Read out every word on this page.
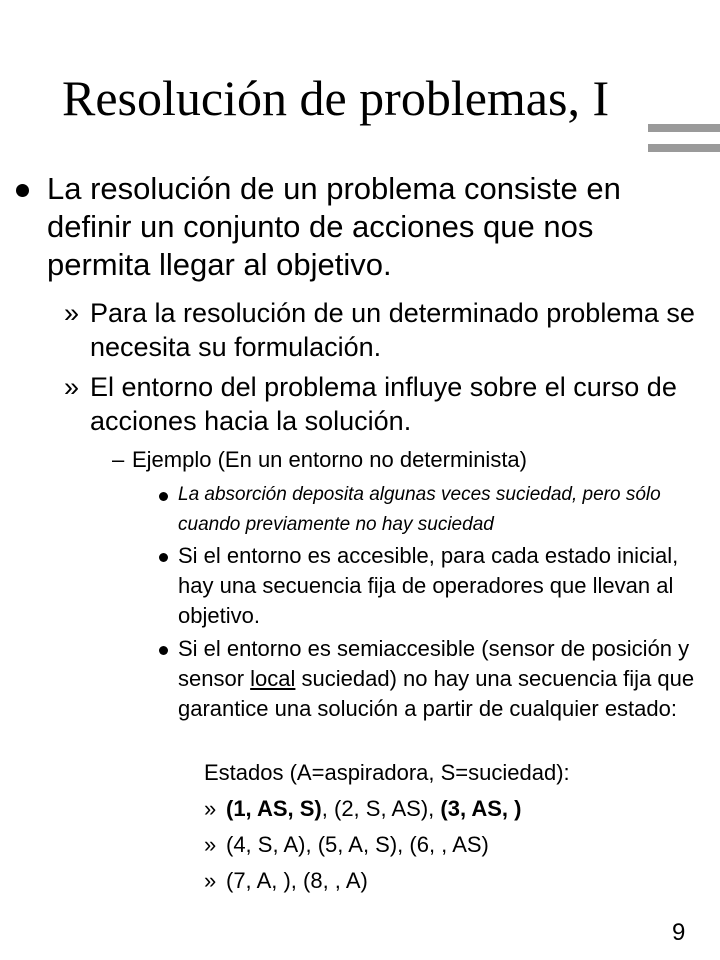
Resolución de problemas, I
La resolución de un problema consiste en definir un conjunto de acciones que nos permita llegar al objetivo.
» Para la resolución de un determinado problema se necesita su formulación.
» El entorno del problema influye sobre el curso de acciones hacia la solución.
– Ejemplo (En un entorno no determinista)
La absorción deposita algunas veces suciedad, pero sólo cuando previamente no hay suciedad
Si el entorno es accesible, para cada estado inicial, hay una secuencia fija de operadores que llevan al objetivo.
Si el entorno es semiaccesible (sensor de posición y sensor local suciedad) no hay una secuencia fija que garantice una solución a partir de cualquier estado:
Estados (A=aspiradora, S=suciedad):
» (1, AS, S), (2, S, AS), (3, AS, )
» (4, S, A), (5, A, S), (6, , AS)
» (7, A, ), (8, , A)
9
